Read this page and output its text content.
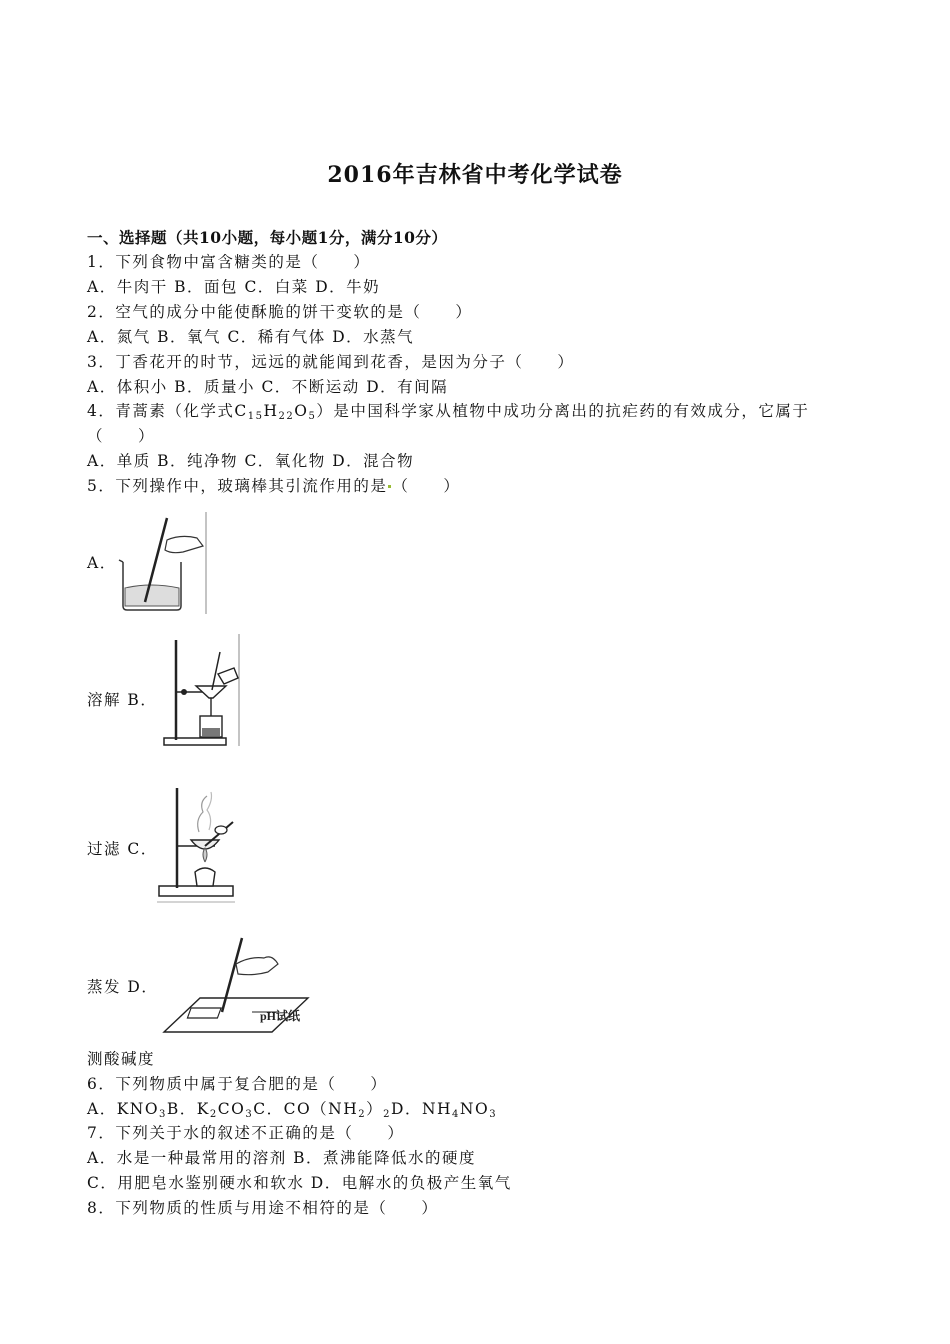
2016年吉林省中考化学试卷
一、选择题（共10小题，每小题1分，满分10分）
1．下列食物中富含糖类的是（　　）
A．牛肉干 B．面包 C．白菜 D．牛奶
2．空气的成分中能使酥脆的饼干变软的是（　　）
A．氮气 B．氧气 C．稀有气体 D．水蒸气
3．丁香花开的时节，远远的就能闻到花香，是因为分子（　　）
A．体积小 B．质量小 C．不断运动 D．有间隔
4．青蒿素（化学式$C_{15}H_{22}O_5$）是中国科学家从植物中成功分离出的抗疟药的有效成分，它属于
（　　）
A．单质 B．纯净物 C．氧化物 D．混合物
5．下列操作中，玻璃棒其引流作用的是 （　　）
A．
溶解 B．
过滤 C．
蒸发 D．
pH试纸
测酸碱度
6．下列物质中属于复合肥的是（　　）
A．$KNO_3B$．$K_2CO_3C$．$CO(NH_2)_2D$．$NH_4NO_3$
7．下列关于水的叙述不正确的是（　　）
A．水是一种最常用的溶剂 B．煮沸能降低水的硬度
C．用肥皂水鉴别硬水和软水 D．电解水的负极产生氧气
8．下列物质的性质与用途不相符的是（　　）
